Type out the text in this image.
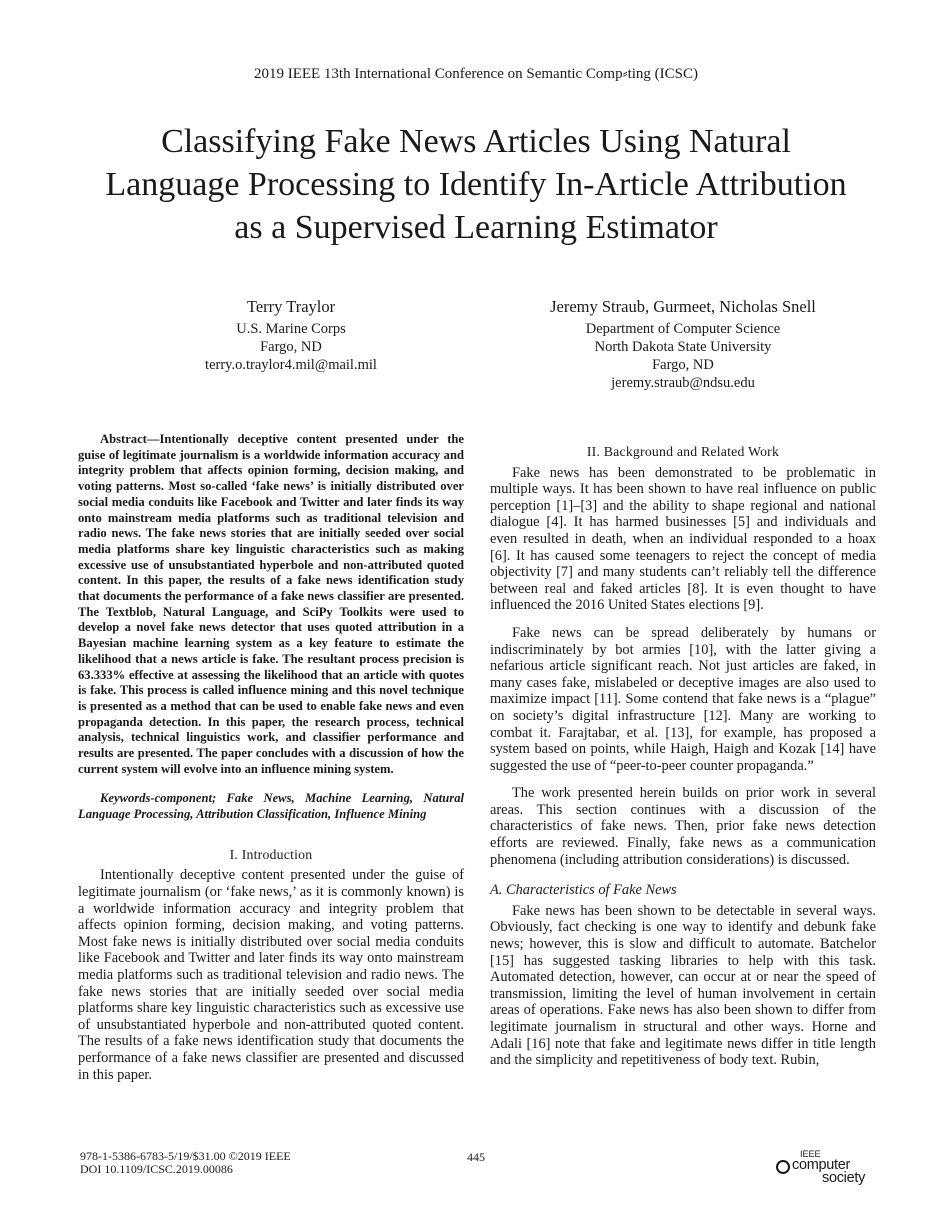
2019 IEEE 13th International Conference on Semantic Comp⸗ting (ICSC)
Classifying Fake News Articles Using Natural Language Processing to Identify In-Article Attribution as a Supervised Learning Estimator
Terry Traylor
U.S. Marine Corps
Fargo, ND
terry.o.traylor4.mil@mail.mil
Jeremy Straub, Gurmeet, Nicholas Snell
Department of Computer Science
North Dakota State University
Fargo, ND
jeremy.straub@ndsu.edu

Abstract—Intentionally deceptive content presented under the guise of legitimate journalism is a worldwide information accuracy and integrity problem that affects opinion forming, decision making, and voting patterns. Most so-called ‘fake news’ is initially distributed over social media conduits like Facebook and Twitter and later finds its way onto mainstream media platforms such as traditional television and radio news. The fake news stories that are initially seeded over social media platforms share key linguistic characteristics such as making excessive use of unsubstantiated hyperbole and non-attributed quoted content. In this paper, the results of a fake news identification study that documents the performance of a fake news classifier are presented. The Textblob, Natural Language, and SciPy Toolkits were used to develop a novel fake news detector that uses quoted attribution in a Bayesian machine learning system as a key feature to estimate the likelihood that a news article is fake. The resultant process precision is 63.333% effective at assessing the likelihood that an article with quotes is fake. This process is called influence mining and this novel technique is presented as a method that can be used to enable fake news and even propaganda detection. In this paper, the research process, technical analysis, technical linguistics work, and classifier performance and results are presented. The paper concludes with a discussion of how the current system will evolve into an influence mining system.

Keywords-component; Fake News, Machine Learning, Natural Language Processing, Attribution Classification, Influence Mining

I. Introduction

Intentionally deceptive content presented under the guise of legitimate journalism (or ‘fake news,’ as it is commonly known) is a worldwide information accuracy and integrity problem that affects opinion forming, decision making, and voting patterns. Most fake news is initially distributed over social media conduits like Facebook and Twitter and later finds its way onto mainstream media platforms such as traditional television and radio news. The fake news stories that are initially seeded over social media platforms share key linguistic characteristics such as excessive use of unsubstantiated hyperbole and non-attributed quoted content. The results of a fake news identification study that documents the performance of a fake news classifier are presented and discussed in this paper.

II. Background and Related Work

Fake news has been demonstrated to be problematic in multiple ways. It has been shown to have real influence on public perception [1]–[3] and the ability to shape regional and national dialogue [4]. It has harmed businesses [5] and individuals and even resulted in death, when an individual responded to a hoax [6]. It has caused some teenagers to reject the concept of media objectivity [7] and many students can’t reliably tell the difference between real and faked articles [8]. It is even thought to have influenced the 2016 United States elections [9].

Fake news can be spread deliberately by humans or indiscriminately by bot armies [10], with the latter giving a nefarious article significant reach. Not just articles are faked, in many cases fake, mislabeled or deceptive images are also used to maximize impact [11]. Some contend that fake news is a “plague” on society’s digital infrastructure [12]. Many are working to combat it. Farajtabar, et al. [13], for example, has proposed a system based on points, while Haigh, Haigh and Kozak [14] have suggested the use of “peer-to-peer counter propaganda.”

The work presented herein builds on prior work in several areas. This section continues with a discussion of the characteristics of fake news. Then, prior fake news detection efforts are reviewed. Finally, fake news as a communication phenomena (including attribution considerations) is discussed.

A. Characteristics of Fake News

Fake news has been shown to be detectable in several ways. Obviously, fact checking is one way to identify and debunk fake news; however, this is slow and difficult to automate. Batchelor [15] has suggested tasking libraries to help with this task. Automated detection, however, can occur at or near the speed of transmission, limiting the level of human involvement in certain areas of operations. Fake news has also been shown to differ from legitimate journalism in structural and other ways. Horne and Adali [16] note that fake and legitimate news differ in title length and the simplicity and repetitiveness of body text. Rubin,

978-1-5386-6783-5/19/$31.00 ©2019 IEEE
DOI 10.1109/ICSC.2019.00086
445	IEEE
computer
society
